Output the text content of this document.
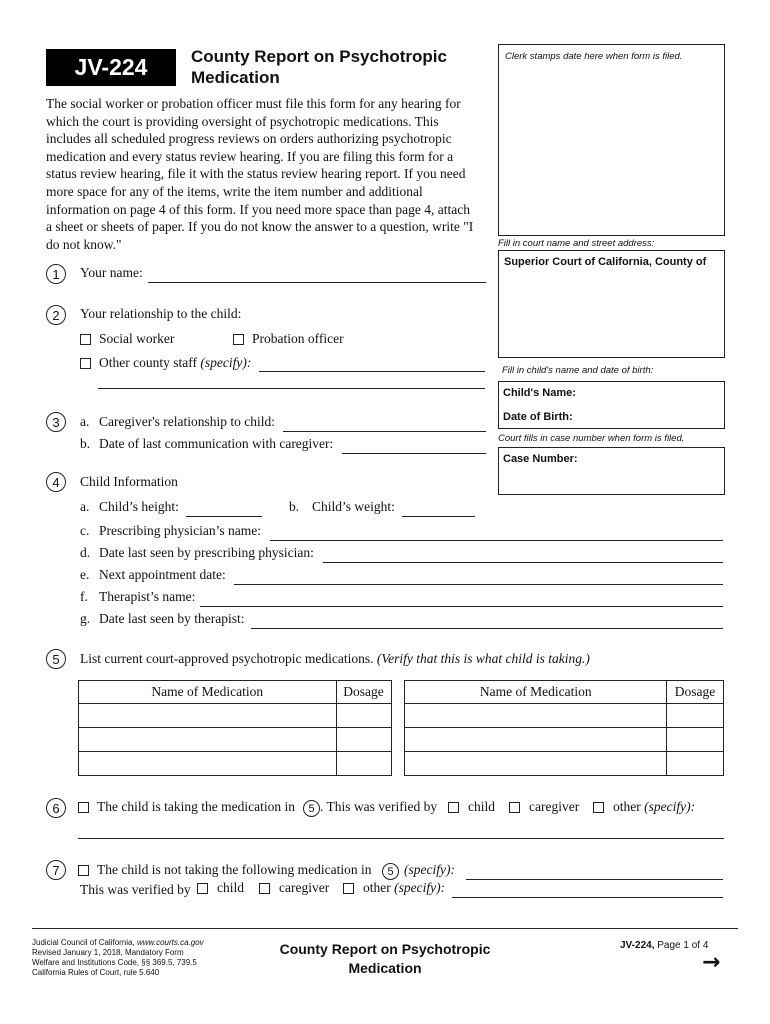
JV-224	County Report on Psychotropic
Medication
The social worker or probation officer must file this form for any hearing for
which the court is providing oversight of psychotropic medications. This
includes all scheduled progress reviews on orders authorizing psychotropic
medication and every status review hearing. If you are filing this form for a
status review hearing, file it with the status review hearing report. If you need
more space for any of the items, write the item number and additional
information on page 4 of this form. If you need more space than page 4, attach
a sheet or sheets of paper. If you do not know the answer to a question, write "I
do not know."
Clerk stamps date here when form is filed.
Fill in court name and street address:
Superior Court of California, County of
Fill in child's name and date of birth:
Child's Name:
Date of Birth:
Court fills in case number when form is filed.
Case Number:
1	Your name:
2	Your relationship to the child:
Social worker	Probation officer
Other county staff (specify):
3	a. Caregiver's relationship to child:
b. Date of last communication with caregiver:
4	Child Information
a. Child’s height:	b. Child’s weight:
c. Prescribing physician’s name:
d. Date last seen by prescribing physician:
e. Next appointment date:
f. Therapist’s name:
g. Date last seen by therapist:
5	List current court-approved psychotropic medications. (Verify that this is what child is taking.)
Name of Medication	Dosage		Name of Medication	Dosage

6	The child is taking the medication in	5 . This was verified by child	caregiver	other (specify):
7	The child is not taking the following medication in	5 (specify):
This was verified by child	caregiver	other (specify):
Judicial Council of California, www.courts.ca.gov
Revised January 1, 2018, Mandatory Form
Welfare and Institutions Code, §§ 369.5, 739.5
California Rules of Court, rule 5.640
County Report on Psychotropic
Medication
JV-224, Page 1 of 4
→
